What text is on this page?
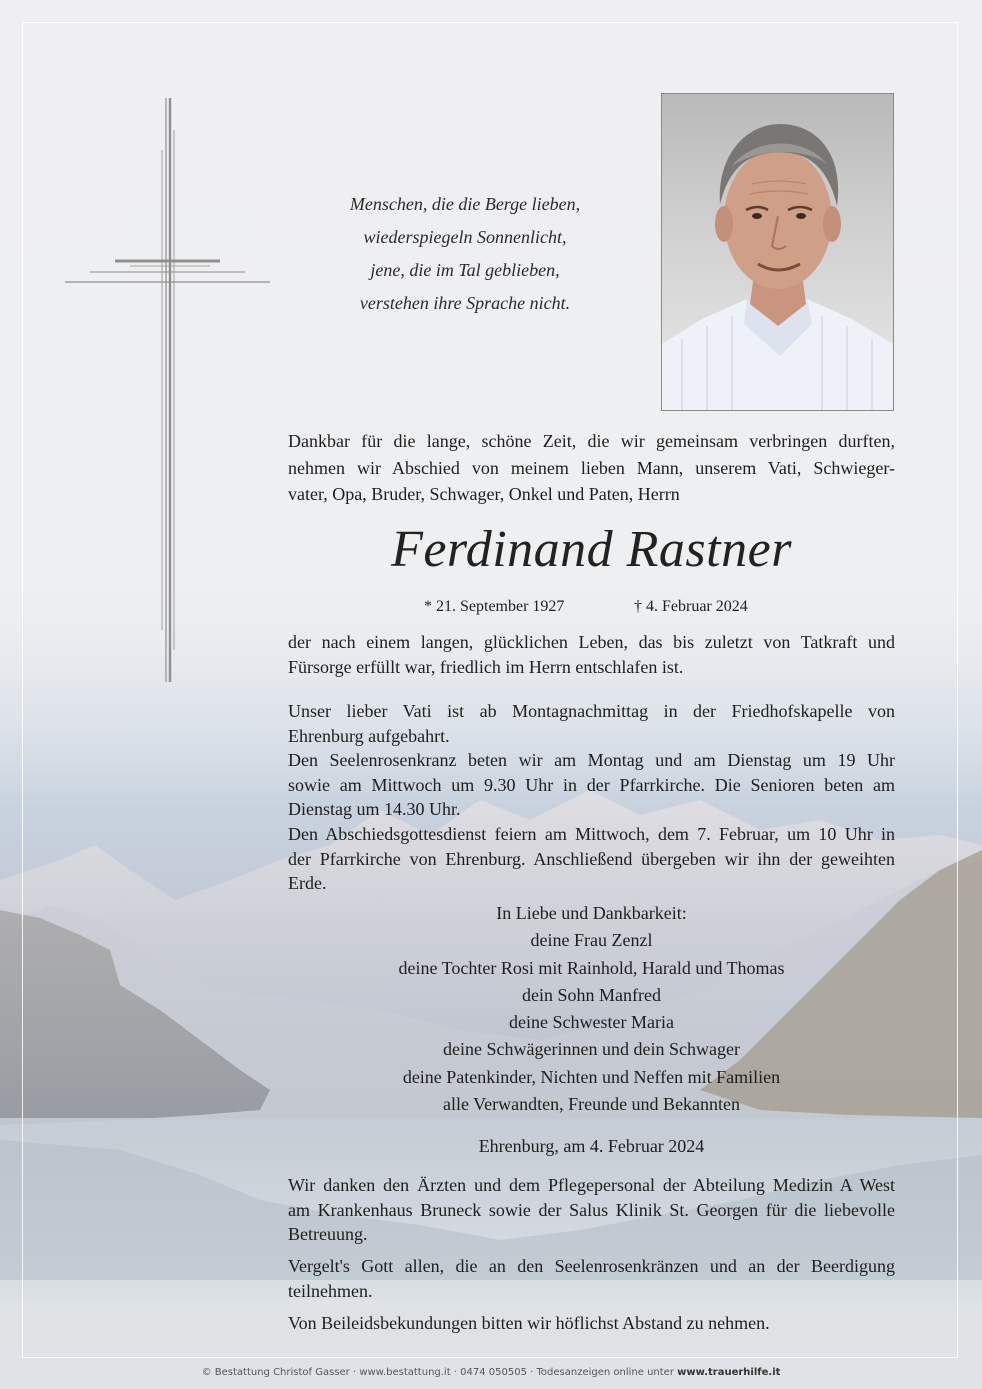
Menschen, die die Berge lieben,
wiederspiegeln Sonnenlicht,
jene, die im Tal geblieben,
verstehen ihre Sprache nicht.
Dankbar für die lange, schöne Zeit, die wir gemeinsam verbringen durften,
nehmen wir Abschied von meinem lieben Mann, unserem Vati, Schwieger-
vater, Opa, Bruder, Schwager, Onkel und Paten, Herrn
Ferdinand Rastner
* 21. September 1927	† 4. Februar 2024
der nach einem langen, glücklichen Leben, das bis zuletzt von Tatkraft und
Fürsorge erfüllt war, friedlich im Herrn entschlafen ist.
Unser lieber Vati ist ab Montagnachmittag in der Friedhofskapelle von
Ehrenburg aufgebahrt.
Den Seelenrosenkranz beten wir am Montag und am Dienstag um 19 Uhr
sowie am Mittwoch um 9.30 Uhr in der Pfarrkirche. Die Senioren beten am
Dienstag um 14.30 Uhr.
Den Abschiedsgottesdienst feiern am Mittwoch, dem 7. Februar, um 10 Uhr in
der Pfarrkirche von Ehrenburg. Anschließend übergeben wir ihn der geweihten
Erde.
In Liebe und Dankbarkeit:
deine Frau Zenzl
deine Tochter Rosi mit Rainhold, Harald und Thomas
dein Sohn Manfred
deine Schwester Maria
deine Schwägerinnen und dein Schwager
deine Patenkinder, Nichten und Neffen mit Familien
alle Verwandten, Freunde und Bekannten
Ehrenburg, am 4. Februar 2024
Wir danken den Ärzten und dem Pflegepersonal der Abteilung Medizin A West
am Krankenhaus Bruneck sowie der Salus Klinik St. Georgen für die liebevolle
Betreuung.
Vergelt's Gott allen, die an den Seelenrosenkränzen und an der Beerdigung
teilnehmen.
Von Beileidsbekundungen bitten wir höflichst Abstand zu nehmen.
© Bestattung Christof Gasser · www.bestattung.it · 0474 050505 · Todesanzeigen online unter www.trauerhilfe.it
